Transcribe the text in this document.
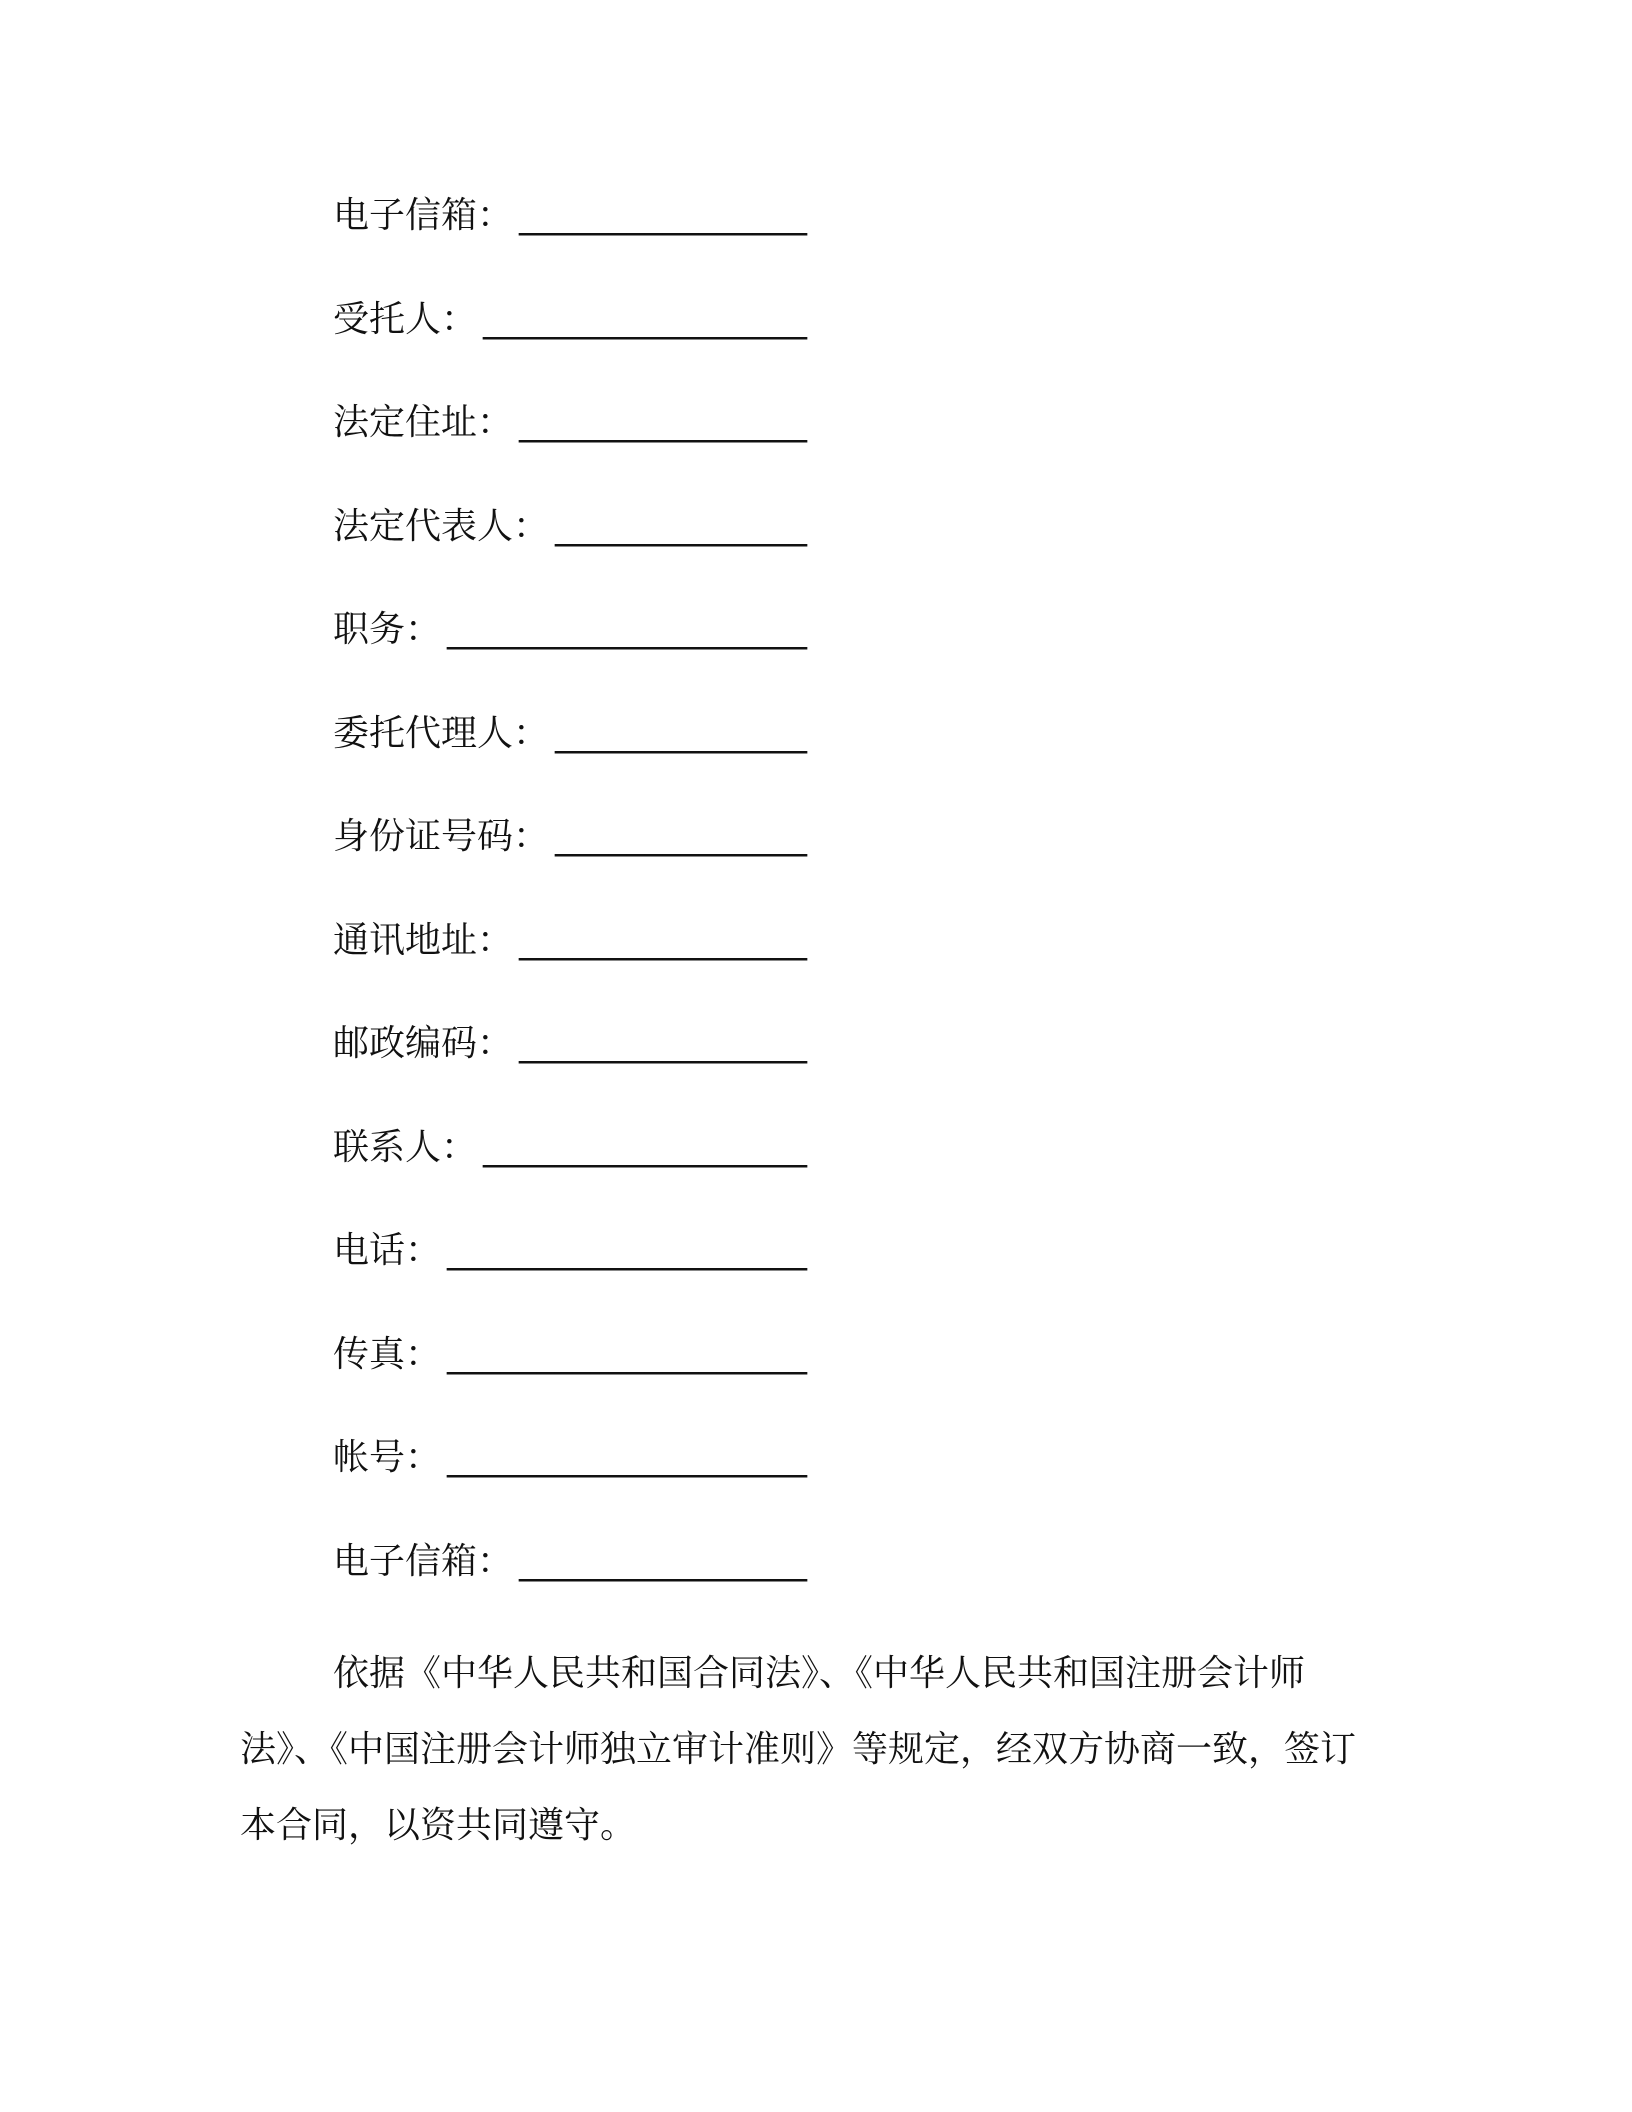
电子信箱： ________________
受托人： __________________
法定住址： ________________
法定代表人： ______________
职务： ____________________
委托代理人： ______________
身份证号码： ______________
通讯地址： ________________
邮政编码： ________________
联系人： __________________
电话： ____________________
传真： ____________________
帐号： ____________________
电子信箱： ________________

依据《中华人民共和国合同法》、《中华人民共和国注册会计师法》、《中国注册会计师独立审计准则》等规定，经双方协商一致，签订本合同，以资共同遵守。
